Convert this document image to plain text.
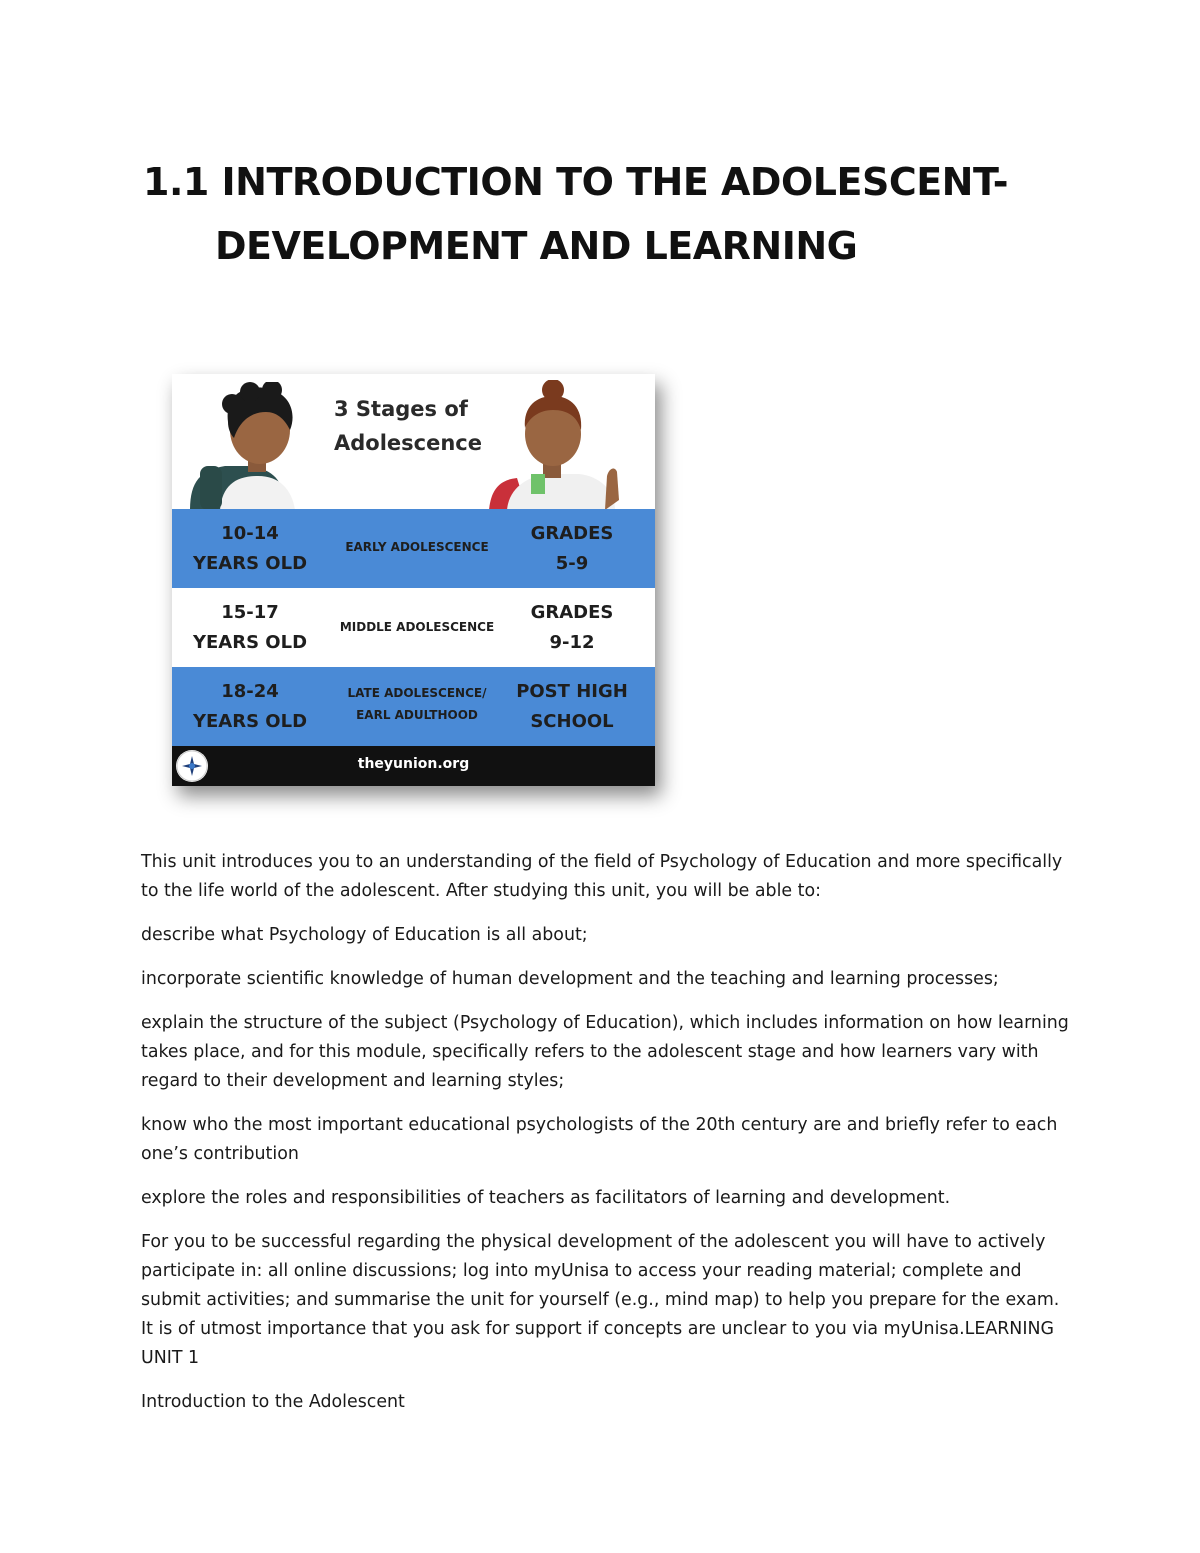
1.1 INTRODUCTION TO THE ADOLESCENT-
DEVELOPMENT AND LEARNING
3 Stages of
Adolescence
10-14
YEARS OLD
EARLY ADOLESCENCE
GRADES
5-9
15-17
YEARS OLD
MIDDLE ADOLESCENCE
GRADES
9-12
18-24
YEARS OLD
LATE ADOLESCENCE/
EARL ADULTHOOD
POST HIGH
SCHOOL
theyunion.org

This unit introduces you to an understanding of the field of Psychology of Education and more specifically to the life world of the adolescent. After studying this unit, you will be able to:

describe what Psychology of Education is all about;

incorporate scientific knowledge of human development and the teaching and learning processes;

explain the structure of the subject (Psychology of Education), which includes information on how learning takes place, and for this module, specifically refers to the adolescent stage and how learners vary with regard to their development and learning styles;

know who the most important educational psychologists of the 20th century are and briefly refer to each one’s contribution

explore the roles and responsibilities of teachers as facilitators of learning and development.

For you to be successful regarding the physical development of the adolescent you will have to actively participate in: all online discussions; log into myUnisa to access your reading material; complete and submit activities; and summarise the unit for yourself (e.g., mind map) to help you prepare for the exam. It is of utmost importance that you ask for support if concepts are unclear to you via myUnisa.LEARNING UNIT 1

Introduction to the Adolescent
